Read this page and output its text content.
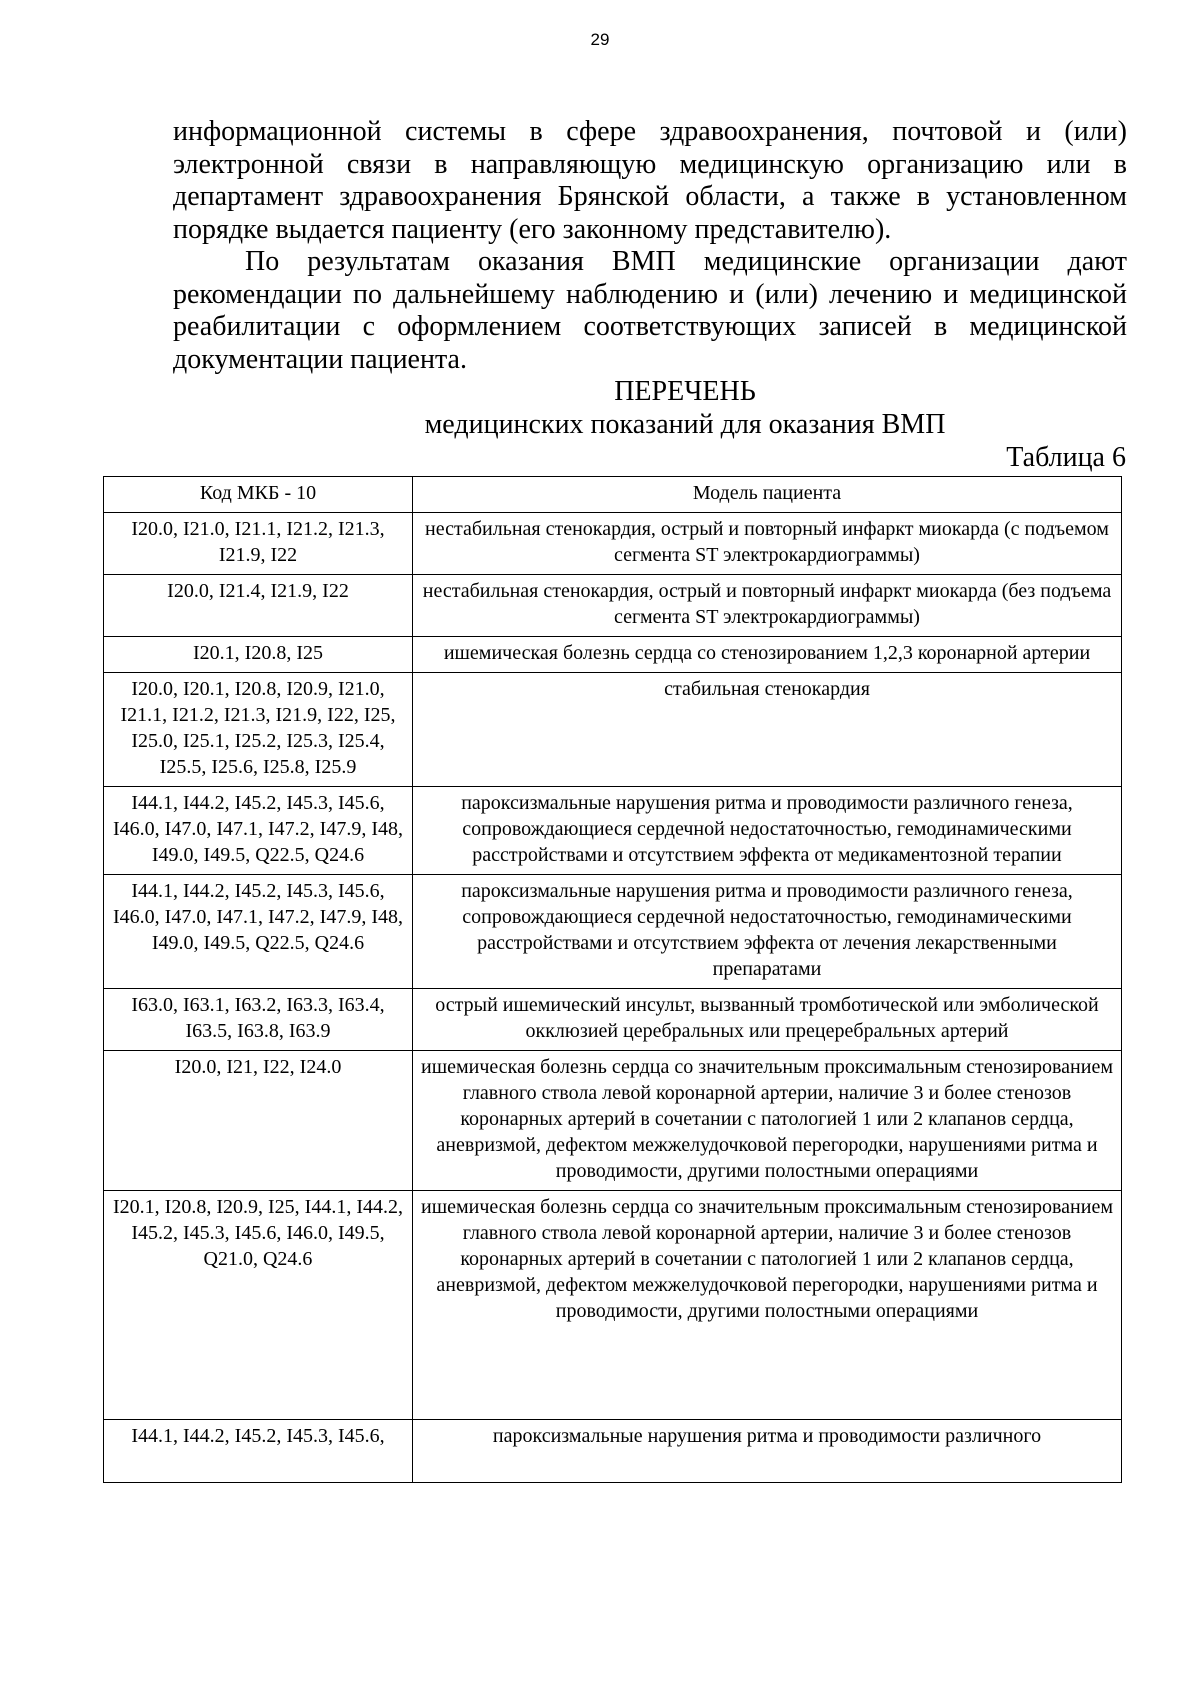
29

информационной системы в сфере здравоохранения, почтовой и (или) электронной связи в направляющую медицинскую организацию или в департамент здравоохранения Брянской области, а также в установленном порядке выдается пациенту (его законному представителю).

По результатам оказания ВМП медицинские организации дают рекомендации по дальнейшему наблюдению и (или) лечению и медицинской реабилитации с оформлением соответствующих записей в медицинской документации пациента.

ПЕРЕЧЕНЬ
медицинских показаний для оказания ВМП
Таблица 6
Код МКБ - 10	Модель пациента
I20.0, I21.0, I21.1, I21.2, I21.3, I21.9, I22	нестабильная стенокардия, острый и повторный инфаркт миокарда (с подъемом сегмента ST электрокардиограммы)
I20.0, I21.4, I21.9, I22	нестабильная стенокардия, острый и повторный инфаркт миокарда (без подъема сегмента ST электрокардиограммы)
I20.1, I20.8, I25	ишемическая болезнь сердца со стенозированием 1,2,3 коронарной артерии
I20.0, I20.1, I20.8, I20.9, I21.0, I21.1, I21.2, I21.3, I21.9, I22, I25, I25.0, I25.1, I25.2, I25.3, I25.4, I25.5, I25.6, I25.8, I25.9	стабильная стенокардия
I44.1, I44.2, I45.2, I45.3, I45.6, I46.0, I47.0, I47.1, I47.2, I47.9, I48, I49.0, I49.5, Q22.5, Q24.6	пароксизмальные нарушения ритма и проводимости различного генеза, сопровождающиеся сердечной недостаточностью, гемодинамическими расстройствами и отсутствием эффекта от медикаментозной терапии
I44.1, I44.2, I45.2, I45.3, I45.6, I46.0, I47.0, I47.1, I47.2, I47.9, I48, I49.0, I49.5, Q22.5, Q24.6	пароксизмальные нарушения ритма и проводимости различного генеза, сопровождающиеся сердечной недостаточностью, гемодинамическими расстройствами и отсутствием эффекта от лечения лекарственными препаратами
I63.0, I63.1, I63.2, I63.3, I63.4, I63.5, I63.8, I63.9	острый ишемический инсульт, вызванный тромботической или эмболической окклюзией церебральных или прецеребральных артерий
I20.0, I21, I22, I24.0	ишемическая болезнь сердца со значительным проксимальным стенозированием главного ствола левой коронарной артерии, наличие 3 и более стенозов коронарных артерий в сочетании с патологией 1 или 2 клапанов сердца, аневризмой, дефектом межжелудочковой перегородки, нарушениями ритма и проводимости, другими полостными операциями
I20.1, I20.8, I20.9, I25, I44.1, I44.2, I45.2, I45.3, I45.6, I46.0, I49.5, Q21.0, Q24.6	ишемическая болезнь сердца со значительным проксимальным стенозированием главного ствола левой коронарной артерии, наличие 3 и более стенозов коронарных артерий в сочетании с патологией 1 или 2 клапанов сердца, аневризмой, дефектом межжелудочковой перегородки, нарушениями ритма и проводимости, другими полостными операциями
I44.1, I44.2, I45.2, I45.3, I45.6,	пароксизмальные нарушения ритма и проводимости различного
